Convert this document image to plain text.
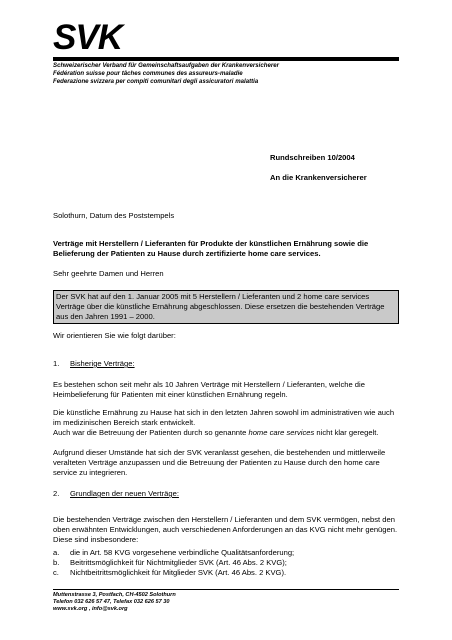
SVK
Schweizerischer Verband für Gemeinschaftsaufgaben der Krankenversicherer
Fédération suisse pour tâches communes des assureurs-maladie
Federazione svizzera per compiti comunitari degli assicuratori malattia
Rundschreiben 10/2004
An die Krankenversicherer
Solothurn, Datum des Poststempels
Verträge mit Herstellern / Lieferanten für Produkte der künstlichen Ernährung sowie die Belieferung der Patienten zu Hause durch zertifizierte home care services.
Sehr geehrte Damen und Herren
Der SVK hat auf den 1. Januar 2005 mit 5 Herstellern / Lieferanten und 2 home care services Verträge über die künstliche Ernährung abgeschlossen. Diese ersetzen die bestehenden Verträge aus den Jahren 1991 – 2000.
Wir orientieren Sie wie folgt darüber:
1. Bisherige Verträge:
Es bestehen schon seit mehr als 10 Jahren Verträge mit Herstellern / Lieferanten, welche die Heimbelieferung für Patienten mit einer künstlichen Ernährung regeln.
Die künstliche Ernährung zu Hause hat sich in den letzten Jahren sowohl im administrativen wie auch im medizinischen Bereich stark entwickelt.
Auch war die Betreuung der Patienten durch so genannte home care services nicht klar geregelt.
Aufgrund dieser Umstände hat sich der SVK veranlasst gesehen, die bestehenden und mittlerweile veralteten Verträge anzupassen und die Betreuung der Patienten zu Hause durch den home care service zu integrieren.
2. Grundlagen der neuen Verträge:
Die bestehenden Verträge zwischen den Herstellern / Lieferanten und dem SVK vermögen, nebst den oben erwähnten Entwicklungen, auch verschiedenen Anforderungen an das KVG nicht mehr genügen. Diese sind insbesondere:
a. die in Art. 58 KVG vorgesehene verbindliche Qualitätsanforderung;
b. Beitrittsmöglichkeit für Nichtmitglieder SVK (Art. 46 Abs. 2 KVG);
c. Nichtbeitrittsmöglichkeit für Mitglieder SVK (Art. 46 Abs. 2 KVG).
Muttenstrasse 3, Postfach, CH-4502 Solothurn
Telefon 032 626 57 47, Telefax 032 626 57 30
www.svk.org , info@svk.org
